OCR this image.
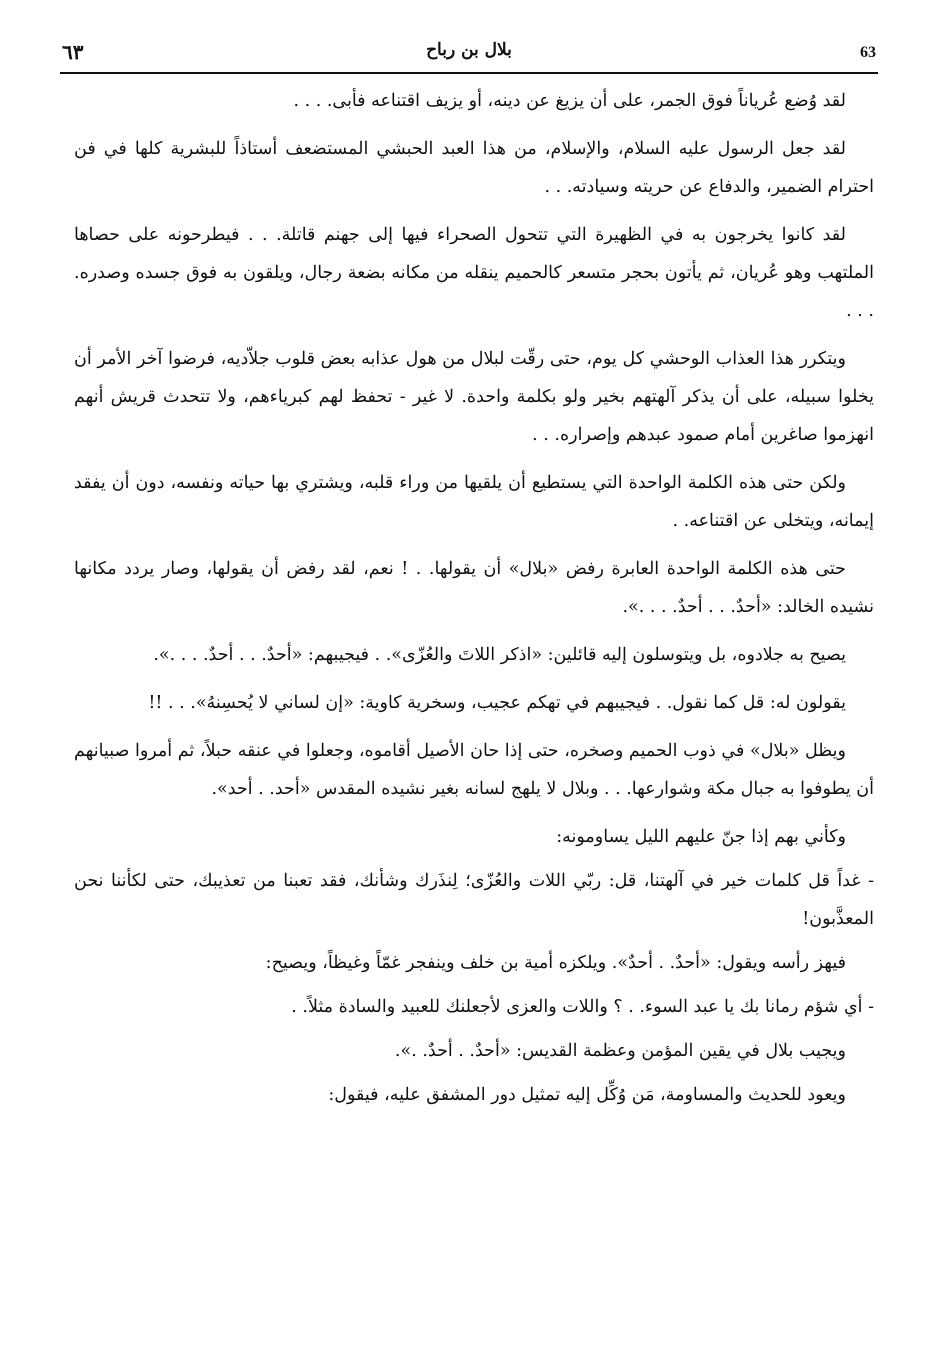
٦٣	بلال بن رباح	63

لقد وُضع عُرياناً فوق الجمر، على أن يزيغ عن دينه، أو يزيف اقتناعه فأبى. . . .

لقد جعل الرسول عليه السلام، والإسلام، من هذا العبد الحبشي المستضعف أستاذاً للبشرية كلها في فن احترام الضمير، والدفاع عن حريته وسيادته. . .

لقد كانوا يخرجون به في الظهيرة التي تتحول الصحراء فيها إلى جهنم قاتلة. . . فيطرحونه على حصاها الملتهب وهو عُريان، ثم يأتون بحجر متسعر كالحميم ينقله من مكانه بضعة رجال، ويلقون به فوق جسده وصدره. . . .

ويتكرر هذا العذاب الوحشي كل يوم، حتى رقّت لبلال من هول عذابه بعض قلوب جلاّديه، فرضوا آخر الأمر أن يخلوا سبيله، على أن يذكر آلهتهم بخير ولو بكلمة واحدة. لا غير - تحفظ لهم كبرياءهم، ولا تتحدث قريش أنهم انهزموا صاغرين أمام صمود عبدهم وإصراره. . .

ولكن حتى هذه الكلمة الواحدة التي يستطيع أن يلقيها من وراء قلبه، ويشتري بها حياته ونفسه، دون أن يفقد إيمانه، ويتخلى عن اقتناعه. .

حتى هذه الكلمة الواحدة العابرة رفض «بلال» أن يقولها. . ! نعم، لقد رفض أن يقولها، وصار يردد مكانها نشيده الخالد: «أحدٌ. . . أحدٌ. . . .».

يصيح به جلادوه، بل ويتوسلون إليه قائلين: «اذكر اللاتَ والعُزّى». . فيجيبهم: «أحدٌ. . . أحدٌ. . . .».

يقولون له: قل كما نقول. . فيجيبهم في تهكم عجيب، وسخرية كاوية: «إن لساني لا يُحسِنهُ». . . !!

ويظل «بلال» في ذوب الحميم وصخره، حتى إذا حان الأصيل أقاموه، وجعلوا في عنقه حبلاً، ثم أمروا صبيانهم أن يطوفوا به جبال مكة وشوارعها. . . وبلال لا يلهج لسانه بغير نشيده المقدس «أحد. . أحد».

وكأني بهم إذا جنّ عليهم الليل يساومونه:

- غداً قل كلمات خير في آلهتنا، قل: ربّي اللات والعُزّى؛ لِنذَرك وشأنك، فقد تعبنا من تعذيبك، حتى لكأننا نحن المعذَّبون!

فيهز رأسه ويقول: «أحدٌ. . أحدٌ». ويلكزه أمية بن خلف وينفجر غمّاً وغيظاً، ويصيح:

- أي شؤم رمانا بك يا عبد السوء. . ؟ واللات والعزى لأجعلنك للعبيد والسادة مثلاً. .

ويجيب بلال في يقين المؤمن وعظمة القديس: «أحدٌ. . أحدٌ. .».

ويعود للحديث والمساومة، مَن وُكِّل إليه تمثيل دور المشفق عليه، فيقول:
